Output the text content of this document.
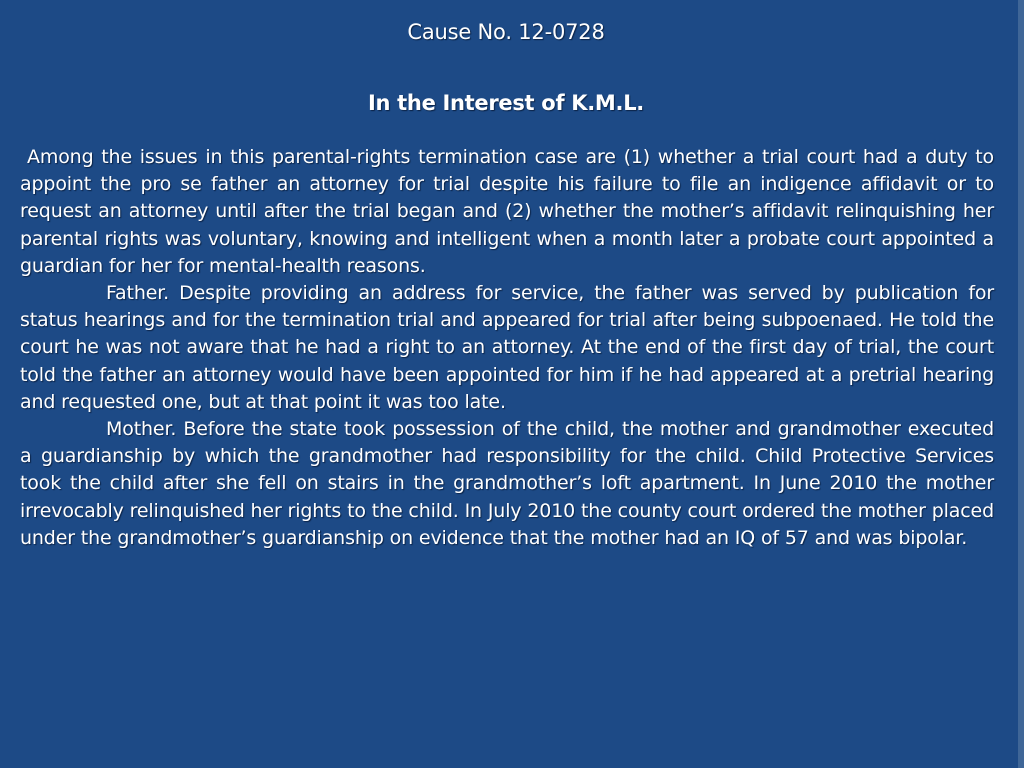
Cause No. 12-0728
In the Interest of K.M.L.

Among the issues in this parental-rights termination case are (1) whether a trial court had a duty to appoint the pro se father an attorney for trial despite his failure to file an indigence affidavit or to request an attorney until after the trial began and (2) whether the mother’s affidavit relinquishing her parental rights was voluntary, knowing and intelligent when a month later a probate court appointed a guardian for her for mental-health reasons.

Father. Despite providing an address for service, the father was served by publication for status hearings and for the termination trial and appeared for trial after being subpoenaed. He told the court he was not aware that he had a right to an attorney. At the end of the first day of trial, the court told the father an attorney would have been appointed for him if he had appeared at a pretrial hearing and requested one, but at that point it was too late.

Mother. Before the state took possession of the child, the mother and grandmother executed a guardianship by which the grandmother had responsibility for the child. Child Protective Services took the child after she fell on stairs in the grandmother’s loft apartment. In June 2010 the mother irrevocably relinquished her rights to the child. In July 2010 the county court ordered the mother placed under the grandmother’s guardianship on evidence that the mother had an IQ of 57 and was bipolar.
